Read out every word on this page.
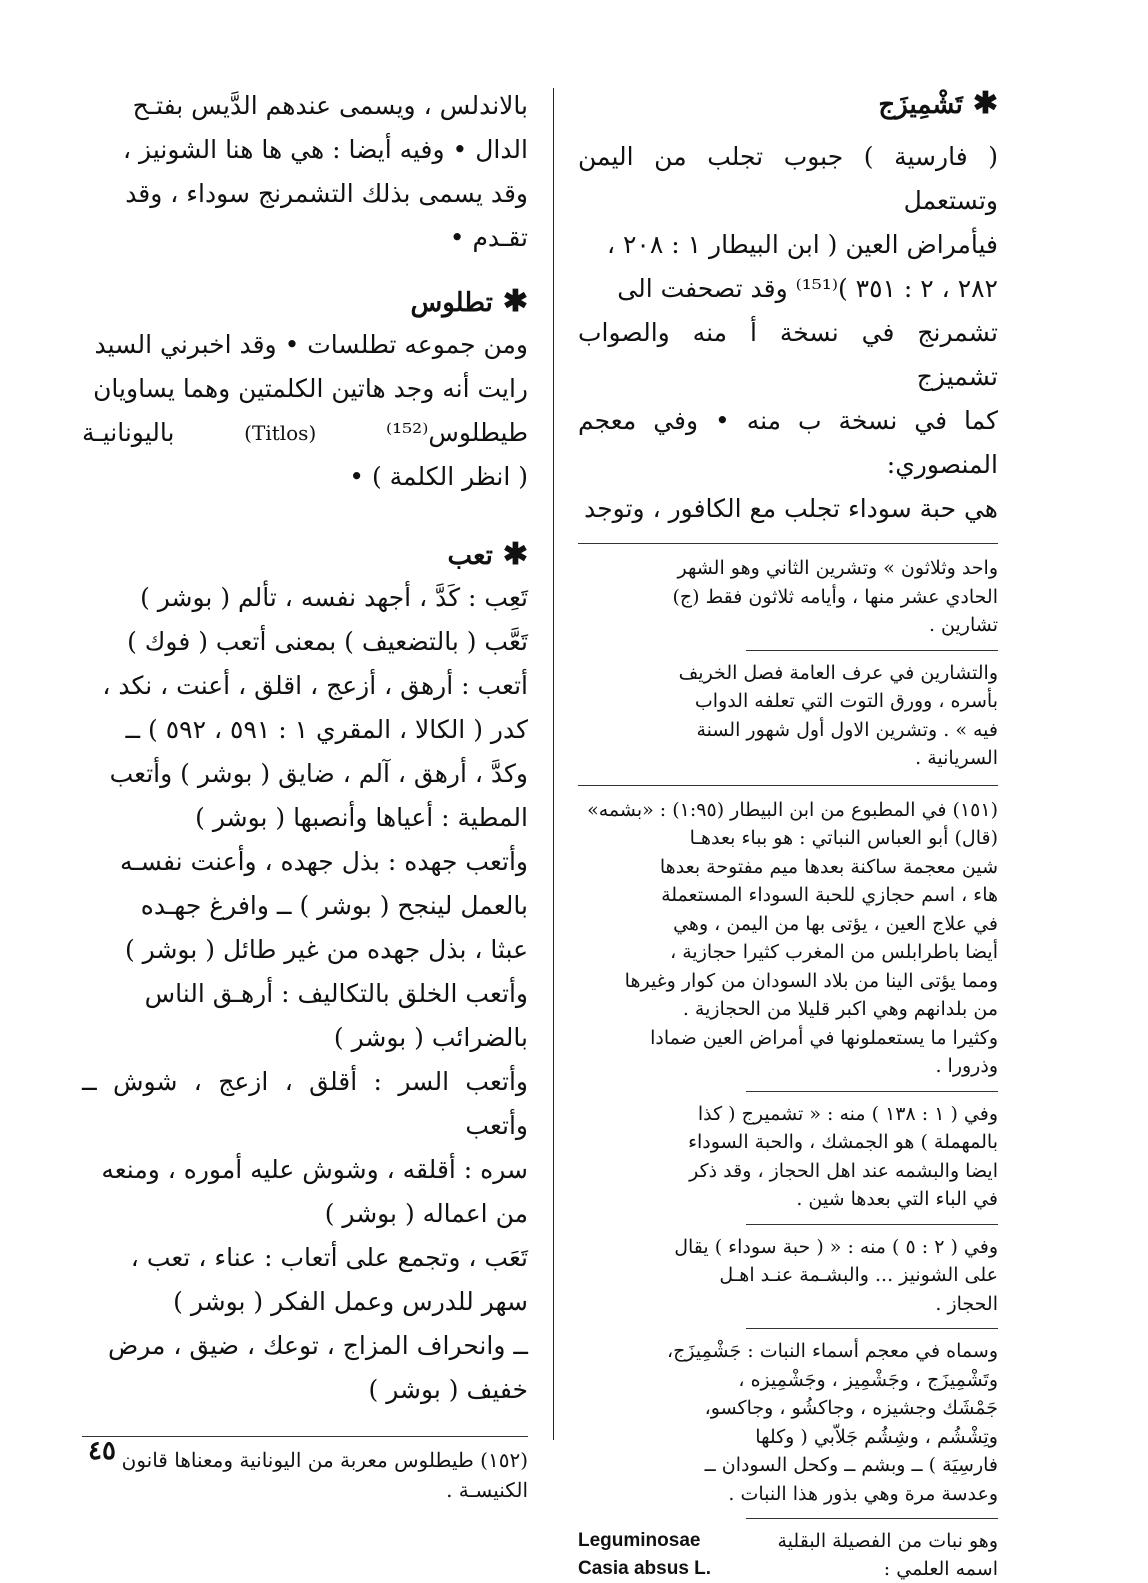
✱تَشْمِيزَج

( فارسية ) جبوب تجلب من اليمن وتستعمل

فيأمراض العين ( ابن البيطار ١ : ٢٠٨ ،

٢٨٢ ، ٢ : ٣٥١ )⁽¹⁵¹⁾ وقد تصحفت الى

تشمرنج في نسخة أ منه والصواب تشميزج

كما في نسخة ب منه • وفي معجم المنصوري:

هي حبة سوداء تجلب مع الكافور ، وتوجد

واحد وثلاثون » وتشرين الثاني وهو الشهر

الحادي عشر منها ، وأيامه ثلاثون فقط (ج)

تشارين .

والتشارين في عرف العامة فصل الخريف

بأسره ، وورق التوت التي تعلفه الدواب

فيه » . وتشرين الاول أول شهور السنة

السريانية .

(١٥١) في المطبوع من ابن البيطار (١:٩٥) : «بشمه»

(قال) أبو العباس النباتي : هو بباء بعدهـا

شين معجمة ساكنة بعدها ميم مفتوحة بعدها

هاء ، اسم حجازي للحبة السوداء المستعملة

في علاج العين ، يؤتى بها من اليمن ، وهي

أيضا باطرابلس من المغرب كثيرا حجازية ،

ومما يؤتى الينا من بلاد السودان من كوار وغيرها

من بلدانهم وهي اكبر قليلا من الحجازية .

وكثيرا ما يستعملونها في أمراض العين ضمادا

وذرورا .

وفي ( ١ : ١٣٨ ) منه : « تشميرج ( كذا

بالمهملة ) هو الجمشك ، والحبة السوداء

ايضا والبشمه عند اهل الحجاز ، وقد ذكر

في الباء التي بعدها شين .

وفي ( ٢ : ٥ ) منه : « ( حبة سوداء ) يقال

على الشونيز ... والبشـمة عنـد اهـل

الحجاز .

وسماه في معجم أسماء النبات : جَشْمِيزَج،

وتَشْمِيزَج ، وجَشْمِيز ، وجَشْمِيزه ،

جَمْشَك وجشيزه ، وجاكشُو ، وجاكسو،

وتِشْشُم ، وشِشُم جَلاّبي ( وكلها

فارسِيَة ) ــ وبشم ــ وكحل السودان ــ

وعدسة مرة وهي بذور هذا النبات .

وهو نبات من الفصيلة البقلية
Leguminosae
اسمه العلمي :
Casia absus L.

بالاندلس ، ويسمى عندهم الدَّيس بفتـح

الدال • وفيه أيضا : هي ها هنا الشونيز ،

وقد يسمى بذلك التشمرنج سوداء ، وقد

تقـدم •

✱تطلوس

ومن جموعه تطلسات • وقد اخبرني السيد

رايت أنه وجد هاتين الكلمتين وهما يساويان

طيطلوس⁽¹⁵²⁾
(Titlos)
باليونانيـة

( انظر الكلمة ) •

✱تعب

تَعِب : كَدَّ ، أجهد نفسه ، تألم ( بوشر )

تَعَّب ( بالتضعيف ) بمعنى أتعب ( فوك )

أتعب : أرهق ، أزعج ، اقلق ، أعنت ، نكد ،

كدر ( الكالا ، المقري ١ : ٥٩١ ، ٥٩٢ ) ــ

وكدَّ ، أرهق ، آلم ، ضايق ( بوشر ) وأتعب

المطية : أعياها وأنصبها ( بوشر )

وأتعب جهده : بذل جهده ، وأعنت نفسـه

بالعمل لينجح ( بوشر ) ــ وافرغ جهـده

عبثا ، بذل جهده من غير طائل ( بوشر )

وأتعب الخلق بالتكاليف : أرهـق الناس

بالضرائب ( بوشر )

وأتعب السر : أقلق ، ازعج ، شوش ــ وأتعب

سره : أقلقه ، وشوش عليه أموره ، ومنعه

من اعماله ( بوشر )

تَعَب ، وتجمع على أتعاب : عناء ، تعب ،

سهر للدرس وعمل الفكر ( بوشر )

ــ وانحراف المزاج ، توعك ، ضيق ، مرض

خفيف ( بوشر )

(١٥٢) طيطلوس معربة من اليونانية ومعناها قانون

الكنيسـة .

٤٥
